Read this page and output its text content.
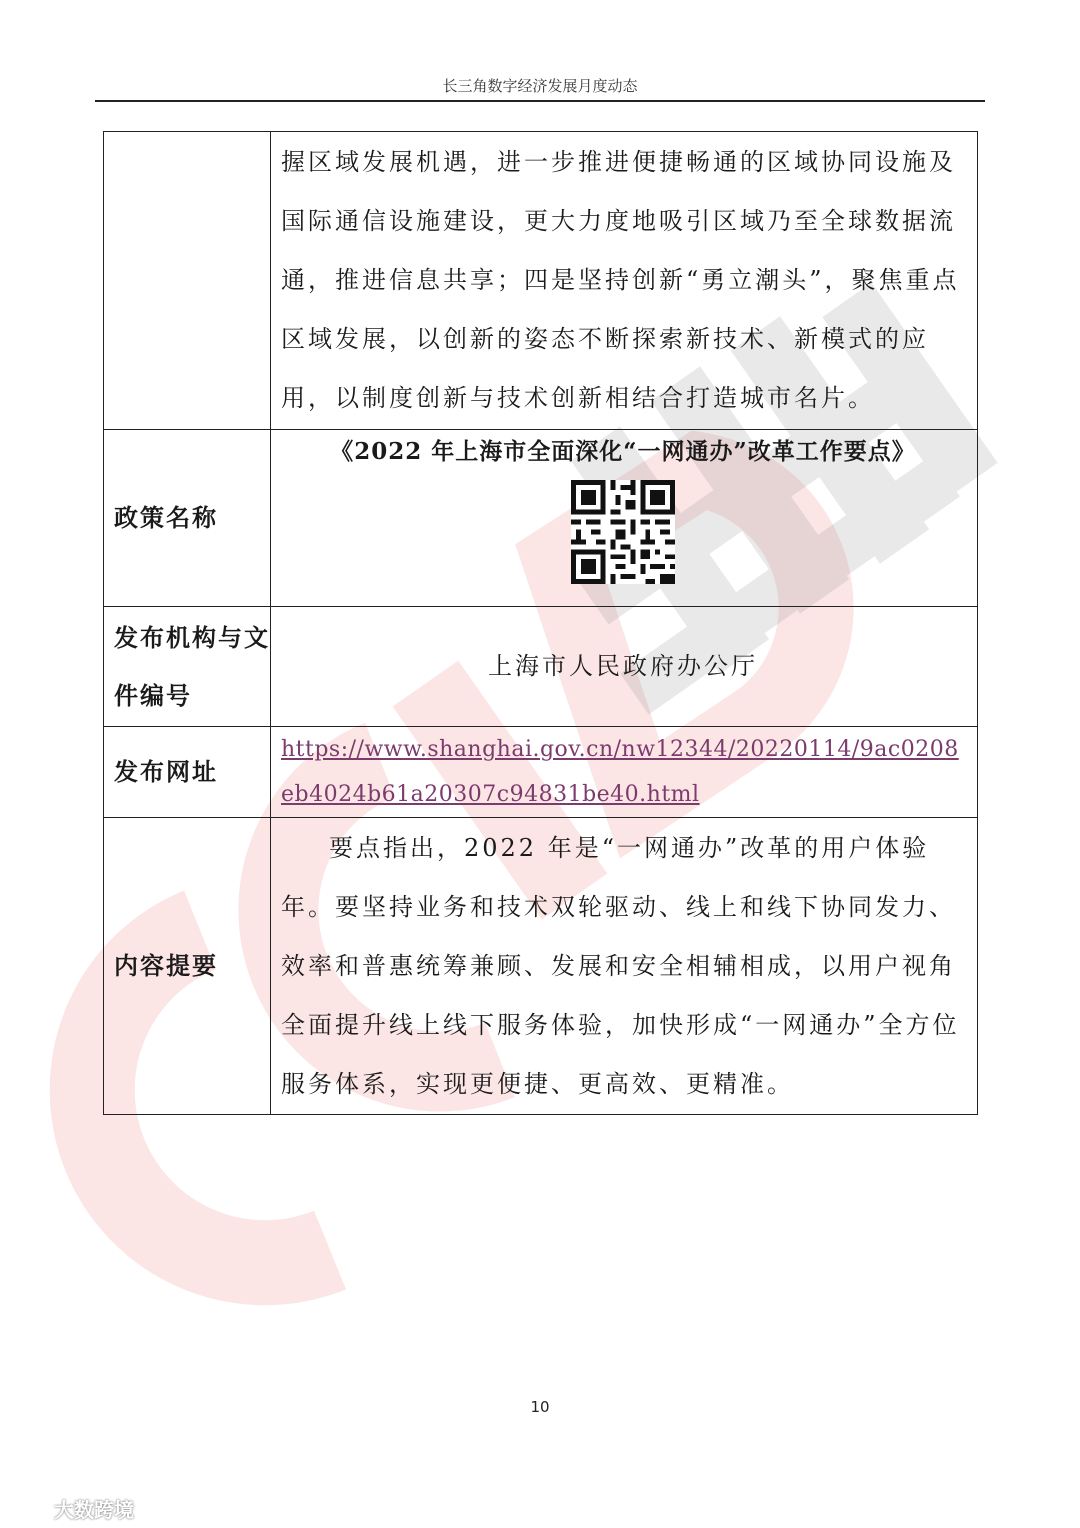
长三角数字经济发展月度动态
	握区域发展机遇，进一步推进便捷畅通的区域协同设施及国际通信设施建设，更大力度地吸引区域乃至全球数据流通，推进信息共享；四是坚持创新“勇立潮头”，聚焦重点区域发展，以创新的姿态不断探索新技术、新模式的应用，以制度创新与技术创新相结合打造城市名片。
政策名称	《2022 年上海市全面深化“一网通办”改革工作要点》

发布机构与文件编号	上海市人民政府办公厅
发布网址	https://www.shanghai.gov.cn/nw12344/20220114/9ac0208eb4024b61a20307c94831be40.html

内容提要	要点指出，2022 年是“一网通办”改革的用户体验年。要坚持业务和技术双轮驱动、线上和线下协同发力、效率和普惠统筹兼顾、发展和安全相辅相成，以用户视角全面提升线上线下服务体验，加快形成“一网通办”全方位服务体系，实现更便捷、更高效、更精准。
10
大数跨境
